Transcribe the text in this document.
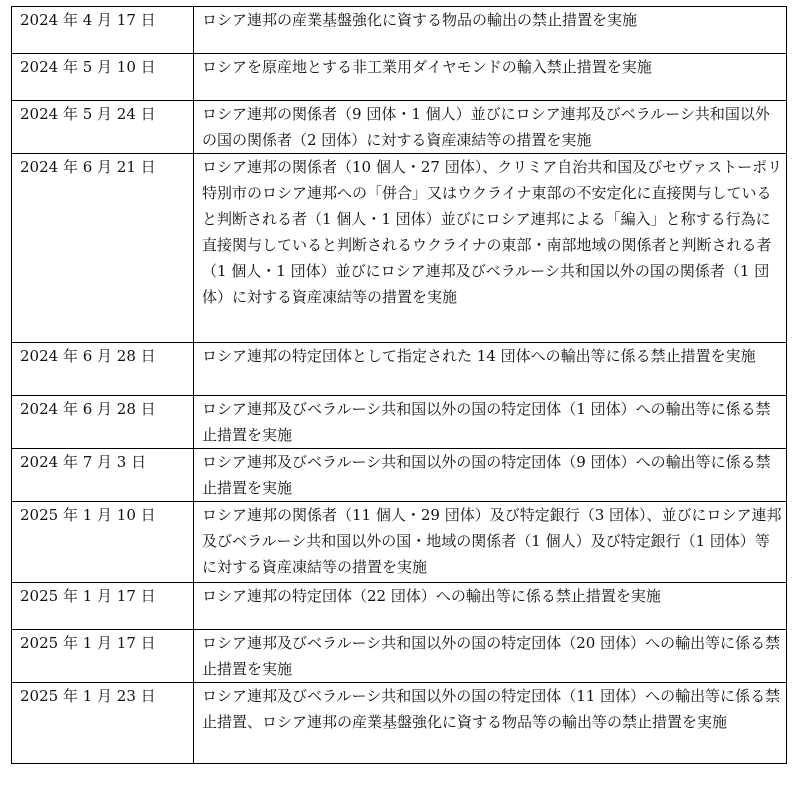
2024 年 4 月 17 日	ロシア連邦の産業基盤強化に資する物品の輸出の禁止措置を実施
2024 年 5 月 10 日	ロシアを原産地とする非工業用ダイヤモンドの輸入禁止措置を実施
2024 年 5 月 24 日	ロシア連邦の関係者（9 団体・1 個人）並びにロシア連邦及びベラルーシ共和国以外の国の関係者（2 団体）に対する資産凍結等の措置を実施
2024 年 6 月 21 日	ロシア連邦の関係者（10 個人・27 団体）、クリミア自治共和国及びセヴァストーポリ特別市のロシア連邦への「併合」又はウクライナ東部の不安定化に直接関与していると判断される者（1 個人・1 団体）並びにロシア連邦による「編入」と称する行為に直接関与していると判断されるウクライナの東部・南部地域の関係者と判断される者（1 個人・1 団体）並びにロシア連邦及びベラルーシ共和国以外の国の関係者（1 団体）に対する資産凍結等の措置を実施
2024 年 6 月 28 日	ロシア連邦の特定団体として指定された 14 団体への輸出等に係る禁止措置を実施
2024 年 6 月 28 日	ロシア連邦及びベラルーシ共和国以外の国の特定団体（1 団体）への輸出等に係る禁止措置を実施
2024 年 7 月 3 日	ロシア連邦及びベラルーシ共和国以外の国の特定団体（9 団体）への輸出等に係る禁止措置を実施
2025 年 1 月 10 日	ロシア連邦の関係者（11 個人・29 団体）及び特定銀行（3 団体）、並びにロシア連邦及びベラルーシ共和国以外の国・地域の関係者（1 個人）及び特定銀行（1 団体）等に対する資産凍結等の措置を実施
2025 年 1 月 17 日	ロシア連邦の特定団体（22 団体）への輸出等に係る禁止措置を実施
2025 年 1 月 17 日	ロシア連邦及びベラルーシ共和国以外の国の特定団体（20 団体）への輸出等に係る禁止措置を実施
2025 年 1 月 23 日	ロシア連邦及びベラルーシ共和国以外の国の特定団体（11 団体）への輸出等に係る禁止措置、ロシア連邦の産業基盤強化に資する物品等の輸出等の禁止措置を実施
